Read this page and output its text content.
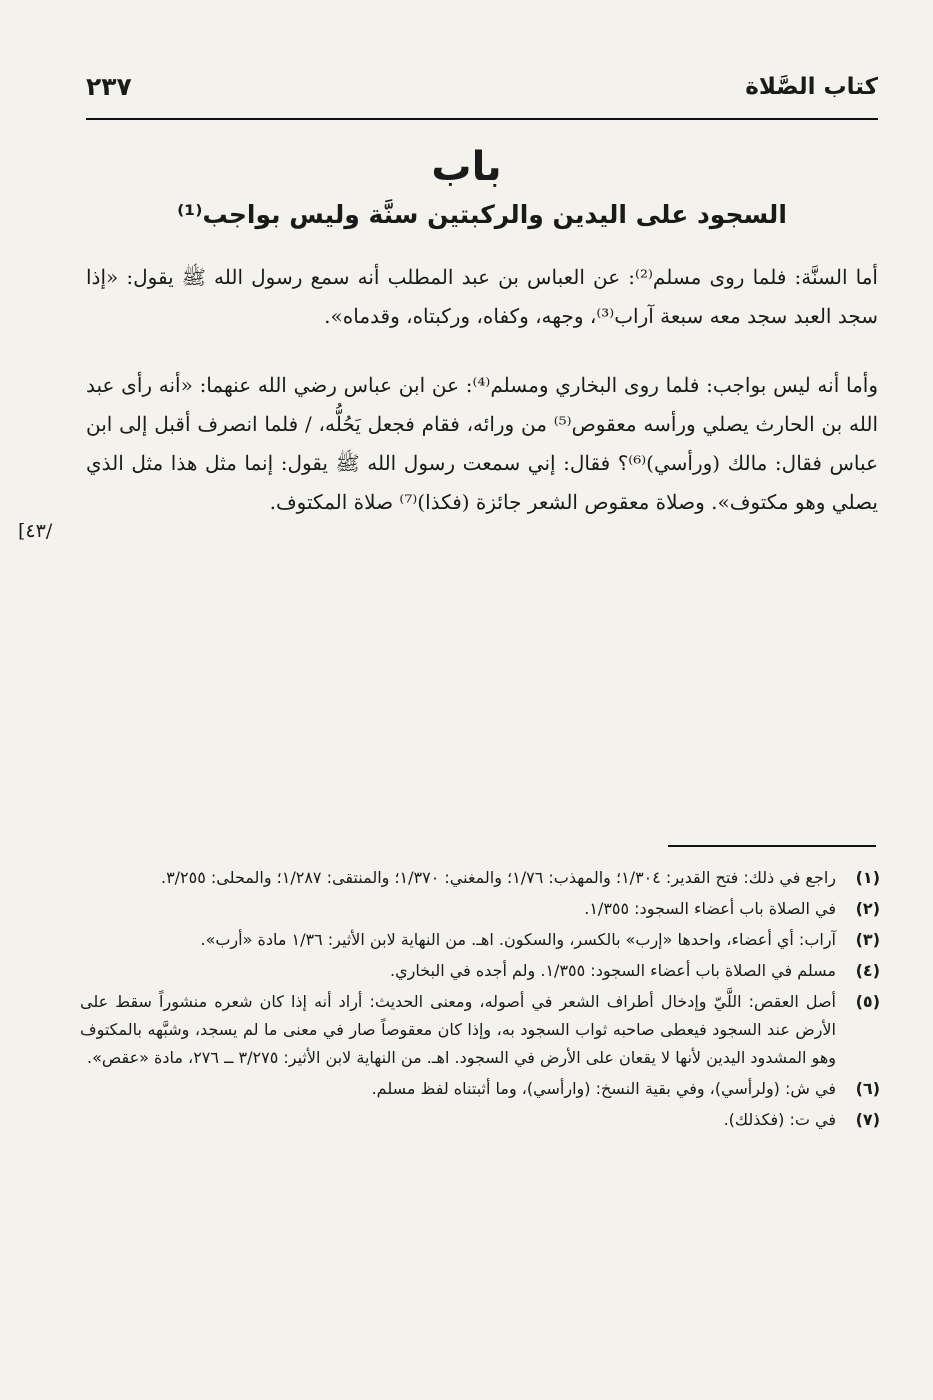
كتاب الصَّلاة
٢٣٧
باب
السجود على اليدين والركبتين سنَّة وليس بواجب⁽¹⁾

أما السنَّة: فلما روى مسلم⁽²⁾: عن العباس بن عبد المطلب أنه سمع رسول الله ﷺ يقول: «إذا سجد العبد سجد معه سبعة آراب⁽³⁾، وجهه، وكفاه، وركبتاه، وقدماه».

وأما أنه ليس بواجب: فلما روى البخاري ومسلم⁽⁴⁾: عن ابن عباس رضي الله عنهما: «أنه رأى عبد الله بن الحارث يصلي ورأسه معقوص⁽⁵⁾ من ورائه، فقام فجعل يَحُلُّه، / فلما انصرف أقبل إلى ابن عباس فقال: مالك (ورأسي)⁽⁶⁾؟ فقال: إني سمعت رسول الله ﷺ يقول: إنما مثل هذا مثل الذي يصلي وهو مكتوف». وصلاة معقوص الشعر جائزة (فكذا)⁽⁷⁾ صلاة المكتوف.

[٤٣/
(١)
راجع في ذلك: فتح القدير: ١/٣٠٤؛ والمهذب: ١/٧٦؛ والمغني: ١/٣٧٠؛ والمنتقى: ١/٢٨٧؛ والمحلى: ٣/٢٥٥.
(٢)
في الصلاة باب أعضاء السجود: ١/٣٥٥.
(٣)
آراب: أي أعضاء، واحدها «إرب» بالكسر، والسكون. اهـ. من النهاية لابن الأثير: ١/٣٦ مادة «أرب».
(٤)
مسلم في الصلاة باب أعضاء السجود: ١/٣٥٥. ولم أجده في البخاري.
(٥)
أصل العقص: اللَّيّ وإدخال أطراف الشعر في أصوله، ومعنى الحديث: أراد أنه إذا كان شعره منشوراً سقط على الأرض عند السجود فيعطى صاحبه ثواب السجود به، وإذا كان معقوصاً صار في معنى ما لم يسجد، وشبَّهه بالمكتوف وهو المشدود اليدين لأنها لا يقعان على الأرض في السجود. اهـ. من النهاية لابن الأثير: ٣/٢٧٥ ــ ٢٧٦، مادة «عقص».
(٦)
في ش: (ولرأسي)، وفي بقية النسخ: (وارأسي)، وما أثبتناه لفظ مسلم.
(٧)
في ت: (فكذلك).
